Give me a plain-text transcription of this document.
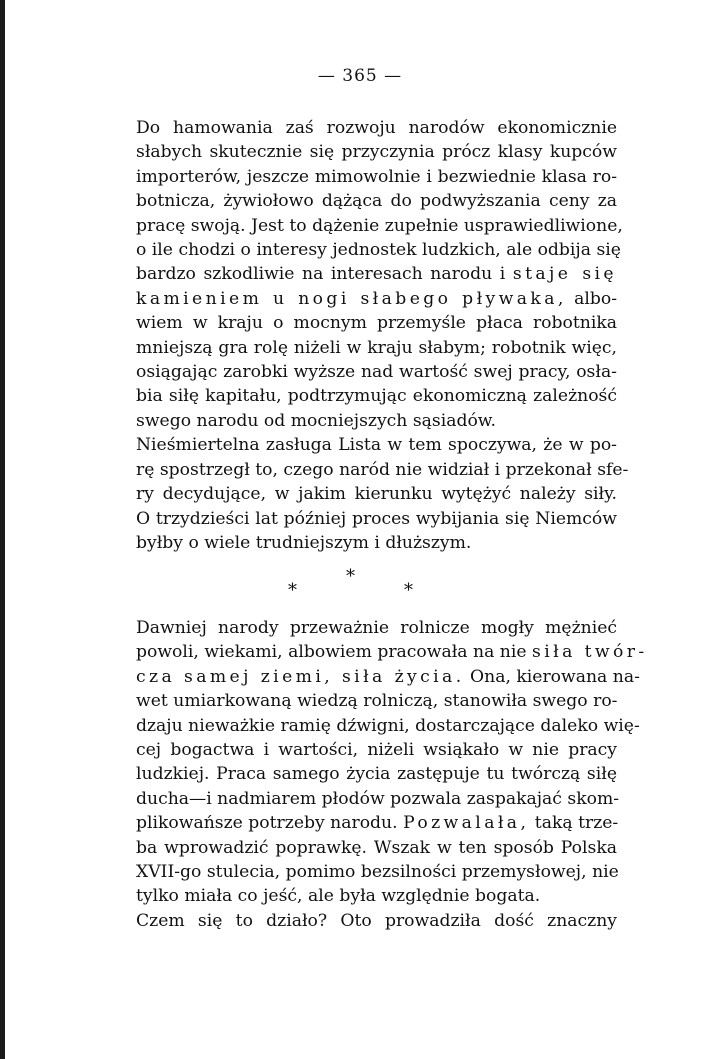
— 365 —

Do hamowania zaś rozwoju narodów ekonomicznie
słabych skutecznie się przyczynia prócz klasy kupców
importerów, jeszcze mimowolnie i bezwiednie klasa ro-
botnicza, żywiołowo dążąca do podwyższania ceny za
pracę swoją. Jest to dążenie zupełnie usprawiedliwione,
o ile chodzi o interesy jednostek ludzkich, ale odbija się
bardzo szkodliwie na interesach narodu i staje się
kamieniem u nogi słabego pływaka, albo-
wiem w kraju o mocnym przemyśle płaca robotnika
mniejszą gra rolę niżeli w kraju słabym; robotnik więc,
osiągając zarobki wyższe nad wartość swej pracy, osła-
bia siłę kapitału, podtrzymując ekonomiczną zależność
swego narodu od mocniejszych sąsiadów.

Nieśmiertelna zasługa Lista w tem spoczywa, że w po-
rę spostrzegł to, czego naród nie widział i przekonał sfe-
ry decydujące, w jakim kierunku wytężyć należy siły.
O trzydzieści lat później proces wybijania się Niemców
byłby o wiele trudniejszym i dłuższym.

*
*	*

Dawniej narody przeważnie rolnicze mogły mężnieć
powoli, wiekami, albowiem pracowała na nie siła twór-
cza samej ziemi, siła życia. Ona, kierowana na-
wet umiarkowaną wiedzą rolniczą, stanowiła swego ro-
dzaju nieważkie ramię dźwigni, dostarczające daleko wię-
cej bogactwa i wartości, niżeli wsiąkało w nie pracy
ludzkiej. Praca samego życia zastępuje tu twórczą siłę
ducha—i nadmiarem płodów pozwala zaspakajać skom-
plikowańsze potrzeby narodu. Pozwalała, taką trze-
ba wprowadzić poprawkę. Wszak w ten sposób Polska
XVII-go stulecia, pomimo bezsilności przemysłowej, nie
tylko miała co jeść, ale była względnie bogata.

Czem się to działo? Oto prowadziła dość znaczny
